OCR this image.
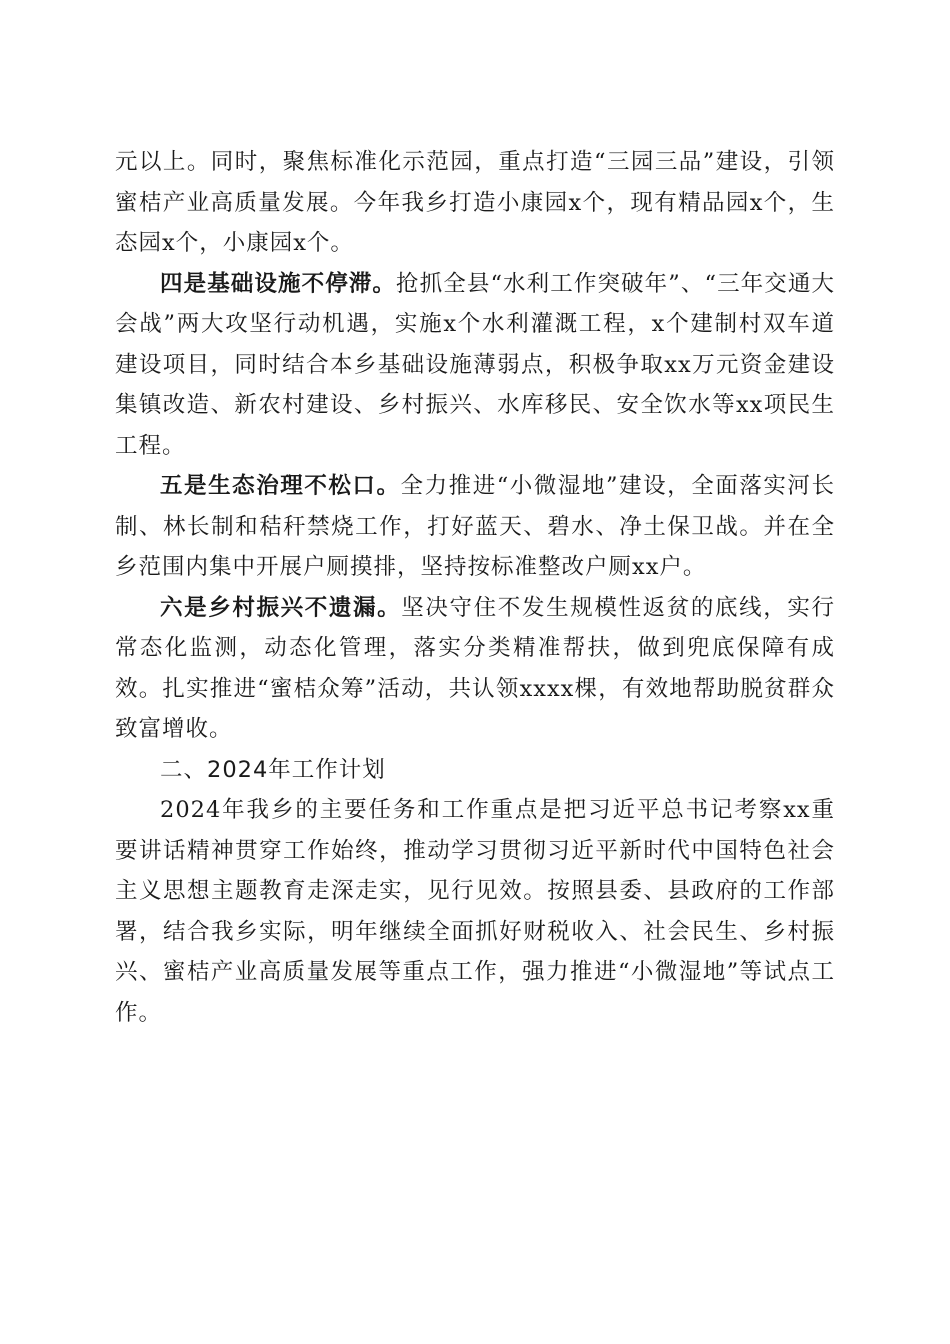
元以上。同时，聚焦标准化示范园，重点打造“三园三品”建设，引领蜜桔产业高质量发展。今年我乡打造小康园x个，现有精品园x个，生态园x个，小康园x个。

四是基础设施不停滞。抢抓全县“水利工作突破年”、“三年交通大会战”两大攻坚行动机遇，实施x个水利灌溉工程，x个建制村双车道建设项目，同时结合本乡基础设施薄弱点，积极争取xx万元资金建设集镇改造、新农村建设、乡村振兴、水库移民、安全饮水等xx项民生工程。

五是生态治理不松口。全力推进“小微湿地”建设，全面落实河长制、林长制和秸秆禁烧工作，打好蓝天、碧水、净土保卫战。并在全乡范围内集中开展户厕摸排，坚持按标准整改户厕xx户。

六是乡村振兴不遗漏。坚决守住不发生规模性返贫的底线，实行常态化监测，动态化管理，落实分类精准帮扶，做到兜底保障有成效。扎实推进“蜜桔众筹”活动，共认领xxxx棵，有效地帮助脱贫群众致富增收。

二、2024年工作计划

2024年我乡的主要任务和工作重点是把习近平总书记考察xx重要讲话精神贯穿工作始终，推动学习贯彻习近平新时代中国特色社会主义思想主题教育走深走实，见行见效。按照县委、县政府的工作部署，结合我乡实际，明年继续全面抓好财税收入、社会民生、乡村振兴、蜜桔产业高质量发展等重点工作，强力推进“小微湿地”等试点工作。
